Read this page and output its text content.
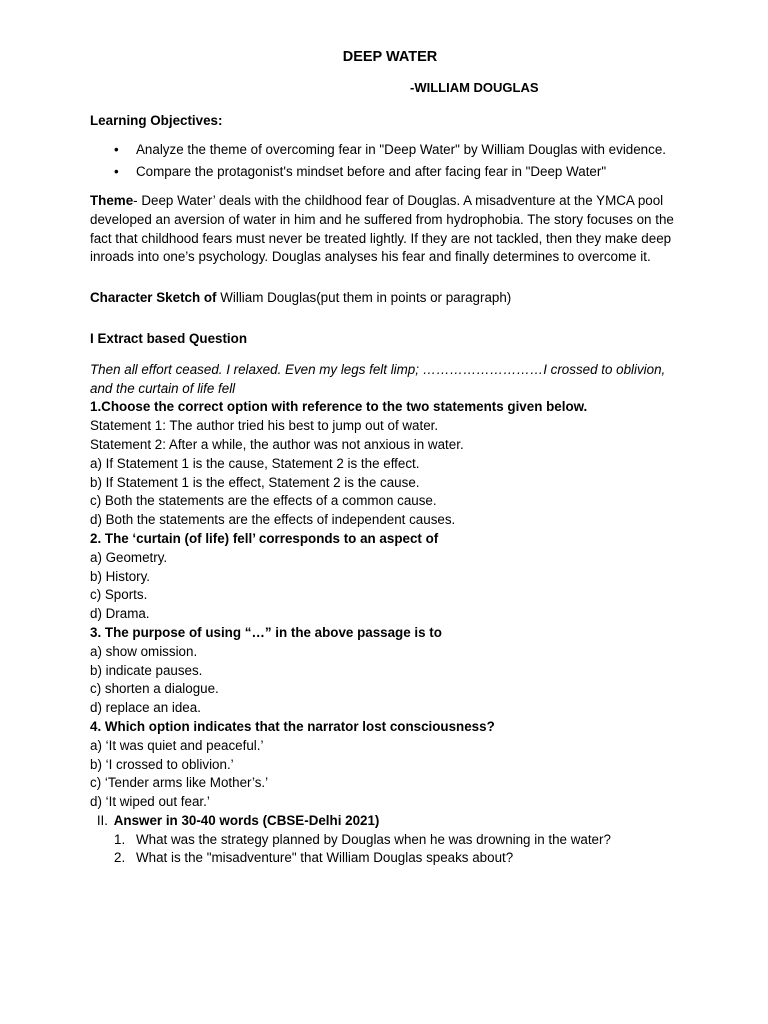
DEEP WATER
-WILLIAM DOUGLAS
Learning Objectives:
• Analyze the theme of overcoming fear in "Deep Water" by William Douglas with evidence.
• Compare the protagonist's mindset before and after facing fear in "Deep Water"

Theme- Deep Water’ deals with the childhood fear of Douglas. A misadventure at the YMCA pool developed an aversion of water in him and he suffered from hydrophobia. The story focuses on the fact that childhood fears must never be treated lightly. If they are not tackled, then they make deep inroads into one’s psychology. Douglas analyses his fear and finally determines to overcome it.

Character Sketch of William Douglas(put them in points or paragraph)

I Extract based Question

Then all effort ceased. I relaxed. Even my legs felt limp; ………………………I crossed to oblivion, and the curtain of life fell

1.Choose the correct option with reference to the two statements given below.

Statement 1: The author tried his best to jump out of water.

Statement 2: After a while, the author was not anxious in water.

a) If Statement 1 is the cause, Statement 2 is the effect.

b) If Statement 1 is the effect, Statement 2 is the cause.

c) Both the statements are the effects of a common cause.

d) Both the statements are the effects of independent causes.

2. The ‘curtain (of life) fell’ corresponds to an aspect of

a) Geometry.

b) History.

c) Sports.

d) Drama.

3. The purpose of using “…” in the above passage is to

a) show omission.

b) indicate pauses.

c) shorten a dialogue.

d) replace an idea.

4. Which option indicates that the narrator lost consciousness?

a) ‘It was quiet and peaceful.’

b) ‘I crossed to oblivion.’

c) ‘Tender arms like Mother’s.’

d) ‘It wiped out fear.’

II. Answer in 30-40 words (CBSE-Delhi 2021)

1. What was the strategy planned by Douglas when he was drowning in the water?
2. What is the "misadventure" that William Douglas speaks about?
